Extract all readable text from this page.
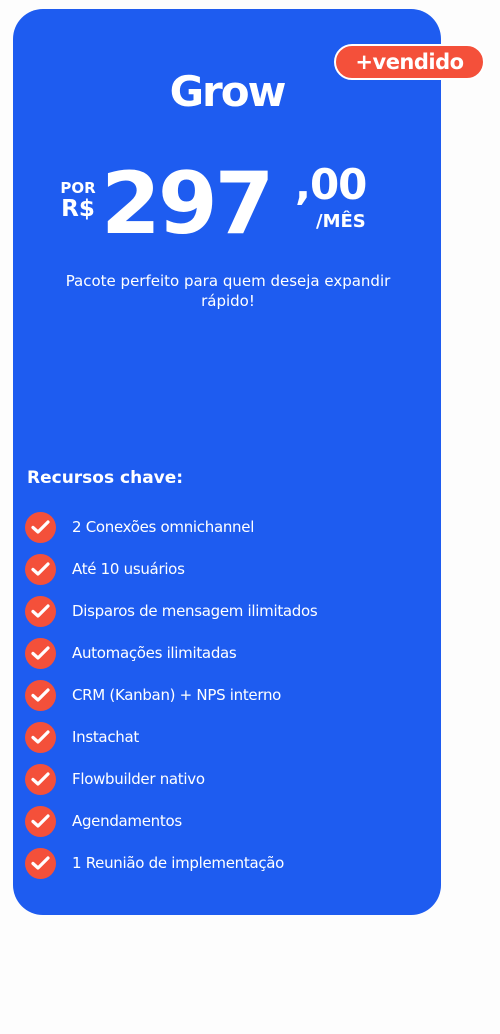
Grow
POR
R$ 297 ,00
/MÊS
Pacote perfeito para quem deseja expandir rápido!
Recursos chave:
2 Conexões omnichannel
Até 10 usuários
Disparos de mensagem ilimitados
Automações ilimitadas
CRM (Kanban) + NPS interno
Instachat
Flowbuilder nativo
Agendamentos
1 Reunião de implementação
+vendido
